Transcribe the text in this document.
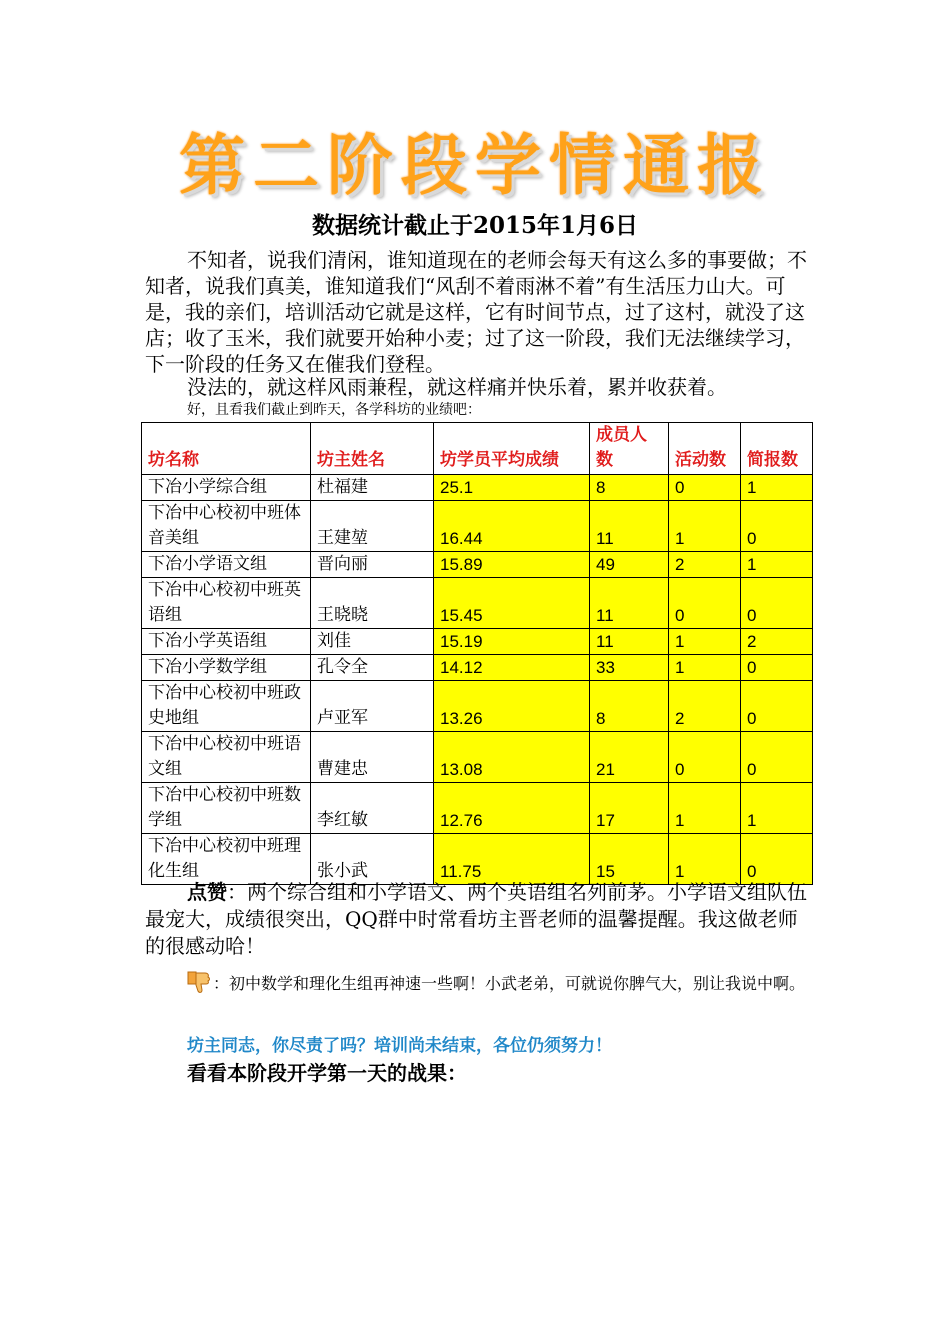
第二阶段学情通报
数据统计截止于2015年1月6日

不知者，说我们清闲，谁知道现在的老师会每天有这么多的事要做；不知者，说我们真美，谁知道我们“风刮不着雨淋不着”有生活压力山大。可是，我的亲们，培训活动它就是这样，它有时间节点，过了这村，就没了这店；收了玉米，我们就要开始种小麦；过了这一阶段，我们无法继续学习，下一阶段的任务又在催我们登程。

没法的，就这样风雨兼程，就这样痛并快乐着，累并收获着。

好，且看我们截止到昨天，各学科坊的业绩吧：

坊名称	坊主姓名	坊学员平均成绩	成员人数	活动数	简报数
下冶小学综合组	杜福建	25.1	8	0	1
下冶中心校初中班体音美组	王建堃	16.44	11	1	0
下冶小学语文组	晋向丽	15.89	49	2	1
下冶中心校初中班英语组	王晓晓	15.45	11	0	0
下冶小学英语组	刘佳	15.19	11	1	2
下冶小学数学组	孔令全	14.12	33	1	0
下冶中心校初中班政史地组	卢亚军	13.26	8	2	0
下冶中心校初中班语文组	曹建忠	13.08	21	0	0
下冶中心校初中班数学组	李红敏	12.76	17	1	1
下冶中心校初中班理化生组	张小武	11.75	15	1	0

点赞：两个综合组和小学语文、两个英语组名列前茅。小学语文组队伍最宠大，成绩很突出，QQ群中时常看坊主晋老师的温馨提醒。我这做老师的很感动哈！

：初中数学和理化生组再神速一些啊！小武老弟，可就说你脾气大，别让我说中啊。

坊主同志，你尽责了吗？培训尚未结束，各位仍须努力！
看看本阶段开学第一天的战果：
